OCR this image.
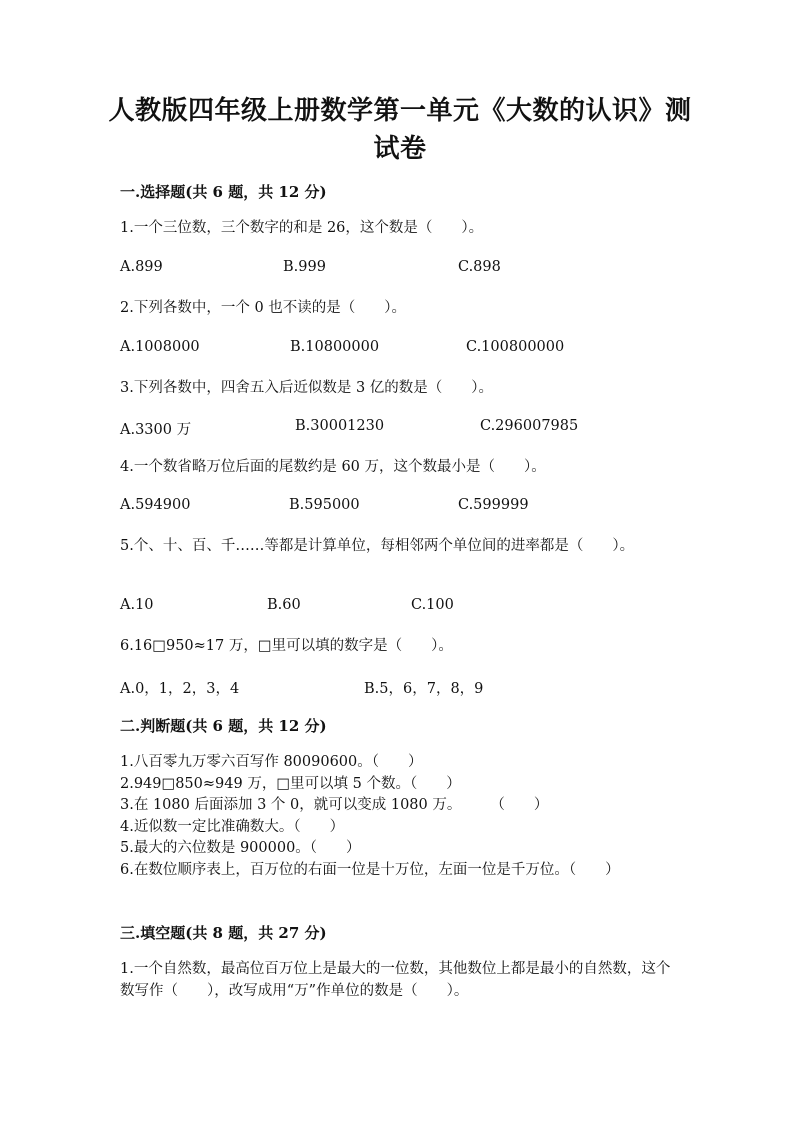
人教版四年级上册数学第一单元《大数的认识》测试卷
一.选择题(共 6 题，共 12 分)
1.一个三位数，三个数字的和是 26，这个数是（　　）。
A.899	B.999	C.898
2.下列各数中，一个 0 也不读的是（　　）。
A.1008000	B.10800000	C.100800000
3.下列各数中，四舍五入后近似数是 3 亿的数是（　　）。
A.3300 万	B.30001230	C.296007985
4.一个数省略万位后面的尾数约是 60 万，这个数最小是（　　）。
A.594900	B.595000	C.599999
5.个、十、百、千……等都是计算单位，每相邻两个单位间的进率都是（　　）。
A.10	B.60	C.100
6.16□950≈17 万，□里可以填的数字是（　　）。
A.0，1，2，3，4	B.5，6，7，8，9
二.判断题(共 6 题，共 12 分)
1.八百零九万零六百写作 80090600。（　　）
2.949□850≈949 万，□里可以填 5 个数。（　　）
3.在 1080 后面添加 3 个 0，就可以变成 1080 万。　　　（　　）
4.近似数一定比准确数大。（　　）
5.最大的六位数是 900000。（　　）
6.在数位顺序表上，百万位的右面一位是十万位，左面一位是千万位。（　　）
三.填空题(共 8 题，共 27 分)
1.一个自然数，最高位百万位上是最大的一位数，其他数位上都是最小的自然数，这个数写作（　　），改写成用“万”作单位的数是（　　）。
